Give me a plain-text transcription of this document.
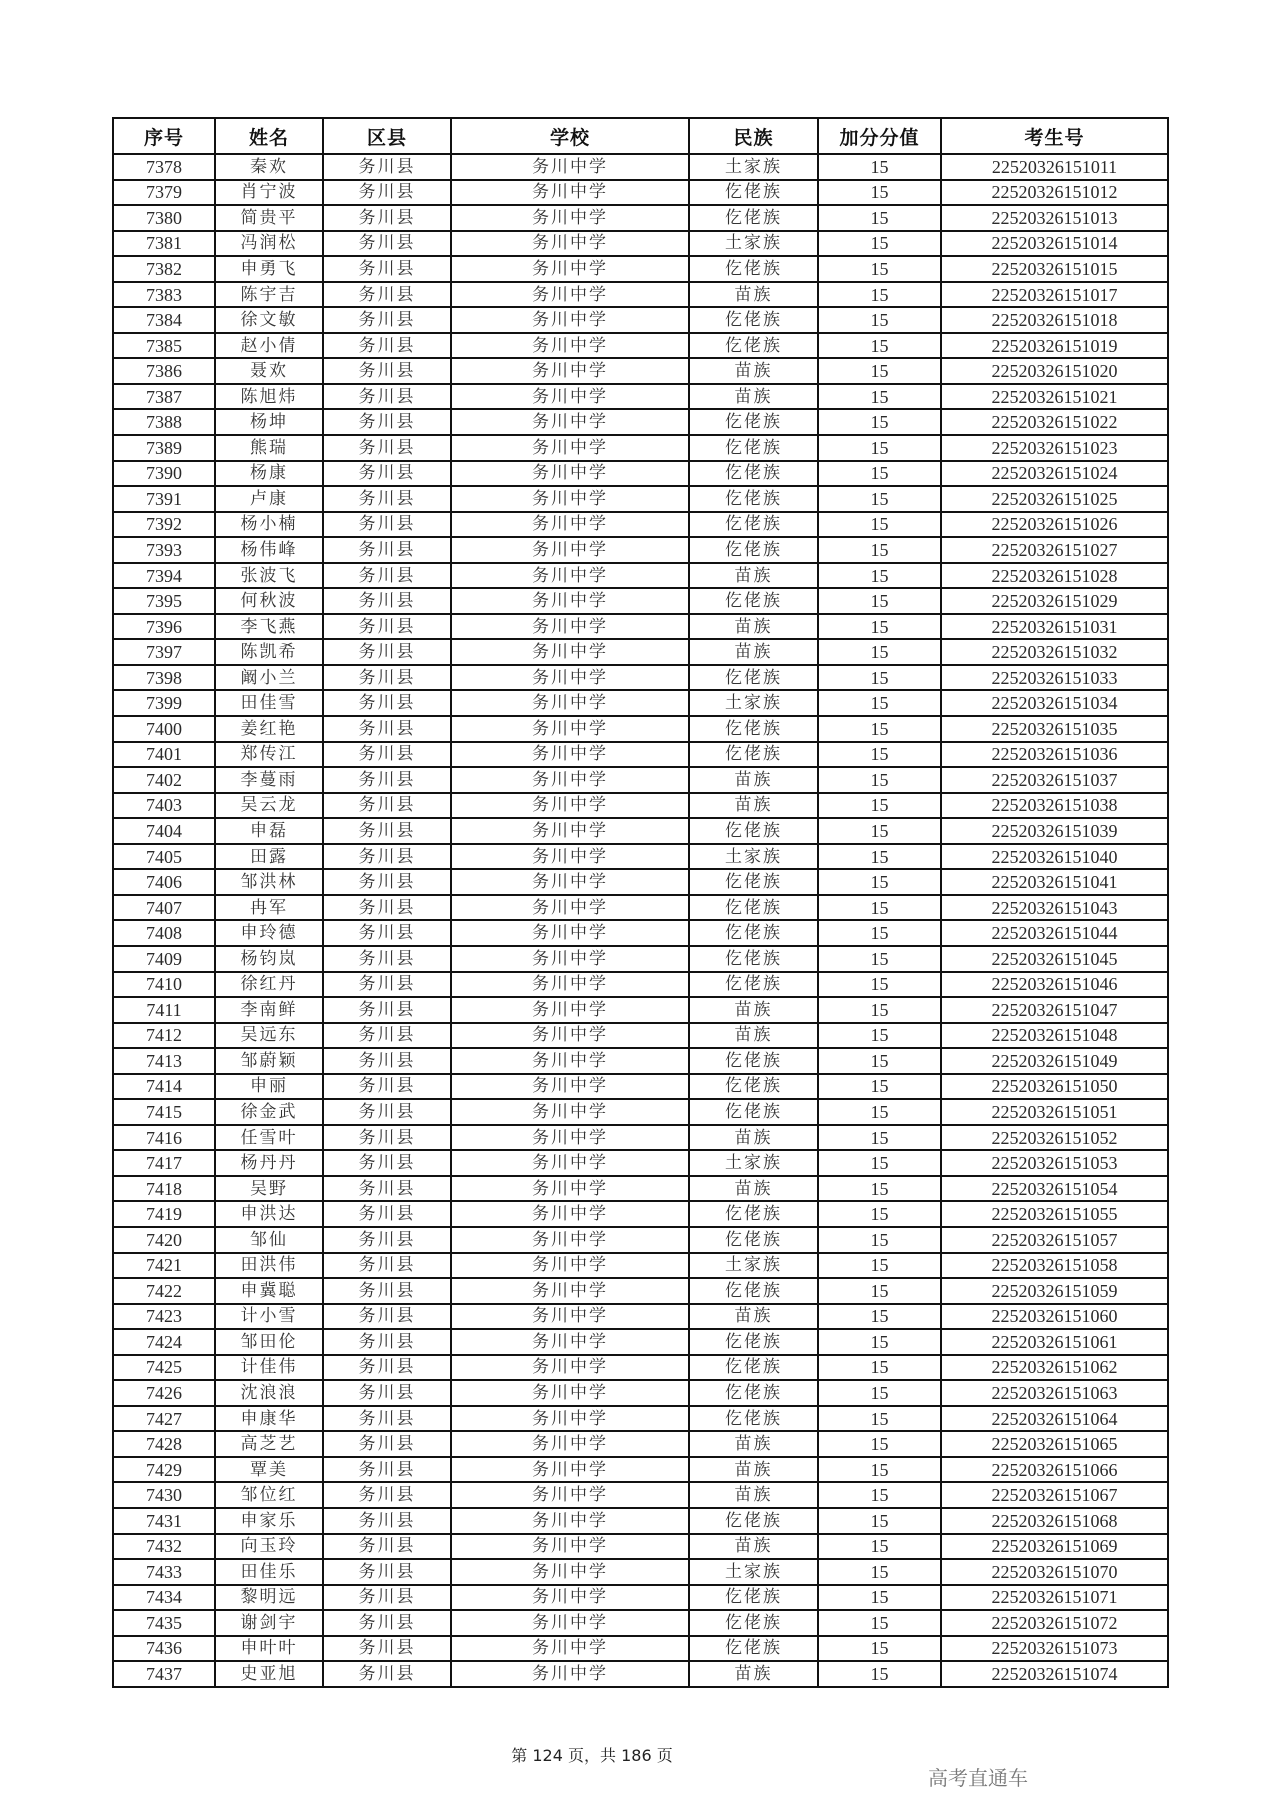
序号	姓名	区县	学校	民族	加分分值	考生号
7378	秦欢	务川县	务川中学	土家族	15	22520326151011
7379	肖宁波	务川县	务川中学	仡佬族	15	22520326151012
7380	简贵平	务川县	务川中学	仡佬族	15	22520326151013
7381	冯润松	务川县	务川中学	土家族	15	22520326151014
7382	申勇飞	务川县	务川中学	仡佬族	15	22520326151015
7383	陈宇吉	务川县	务川中学	苗族	15	22520326151017
7384	徐文敏	务川县	务川中学	仡佬族	15	22520326151018
7385	赵小倩	务川县	务川中学	仡佬族	15	22520326151019
7386	聂欢	务川县	务川中学	苗族	15	22520326151020
7387	陈旭炜	务川县	务川中学	苗族	15	22520326151021
7388	杨坤	务川县	务川中学	仡佬族	15	22520326151022
7389	熊瑞	务川县	务川中学	仡佬族	15	22520326151023
7390	杨康	务川县	务川中学	仡佬族	15	22520326151024
7391	卢康	务川县	务川中学	仡佬族	15	22520326151025
7392	杨小楠	务川县	务川中学	仡佬族	15	22520326151026
7393	杨伟峰	务川县	务川中学	仡佬族	15	22520326151027
7394	张波飞	务川县	务川中学	苗族	15	22520326151028
7395	何秋波	务川县	务川中学	仡佬族	15	22520326151029
7396	李飞燕	务川县	务川中学	苗族	15	22520326151031
7397	陈凯希	务川县	务川中学	苗族	15	22520326151032
7398	阚小兰	务川县	务川中学	仡佬族	15	22520326151033
7399	田佳雪	务川县	务川中学	土家族	15	22520326151034
7400	姜红艳	务川县	务川中学	仡佬族	15	22520326151035
7401	郑传江	务川县	务川中学	仡佬族	15	22520326151036
7402	李蔓雨	务川县	务川中学	苗族	15	22520326151037
7403	吴云龙	务川县	务川中学	苗族	15	22520326151038
7404	申磊	务川县	务川中学	仡佬族	15	22520326151039
7405	田露	务川县	务川中学	土家族	15	22520326151040
7406	邹洪林	务川县	务川中学	仡佬族	15	22520326151041
7407	冉军	务川县	务川中学	仡佬族	15	22520326151043
7408	申玲德	务川县	务川中学	仡佬族	15	22520326151044
7409	杨钧岚	务川县	务川中学	仡佬族	15	22520326151045
7410	徐红丹	务川县	务川中学	仡佬族	15	22520326151046
7411	李南鲜	务川县	务川中学	苗族	15	22520326151047
7412	吴远东	务川县	务川中学	苗族	15	22520326151048
7413	邹蔚颖	务川县	务川中学	仡佬族	15	22520326151049
7414	申丽	务川县	务川中学	仡佬族	15	22520326151050
7415	徐金武	务川县	务川中学	仡佬族	15	22520326151051
7416	任雪叶	务川县	务川中学	苗族	15	22520326151052
7417	杨丹丹	务川县	务川中学	土家族	15	22520326151053
7418	吴野	务川县	务川中学	苗族	15	22520326151054
7419	申洪达	务川县	务川中学	仡佬族	15	22520326151055
7420	邹仙	务川县	务川中学	仡佬族	15	22520326151057
7421	田洪伟	务川县	务川中学	土家族	15	22520326151058
7422	申冀聪	务川县	务川中学	仡佬族	15	22520326151059
7423	计小雪	务川县	务川中学	苗族	15	22520326151060
7424	邹田伦	务川县	务川中学	仡佬族	15	22520326151061
7425	计佳伟	务川县	务川中学	仡佬族	15	22520326151062
7426	沈浪浪	务川县	务川中学	仡佬族	15	22520326151063
7427	申康华	务川县	务川中学	仡佬族	15	22520326151064
7428	高芝艺	务川县	务川中学	苗族	15	22520326151065
7429	覃美	务川县	务川中学	苗族	15	22520326151066
7430	邹位红	务川县	务川中学	苗族	15	22520326151067
7431	申家乐	务川县	务川中学	仡佬族	15	22520326151068
7432	向玉玲	务川县	务川中学	苗族	15	22520326151069
7433	田佳乐	务川县	务川中学	土家族	15	22520326151070
7434	黎明远	务川县	务川中学	仡佬族	15	22520326151071
7435	谢剑宇	务川县	务川中学	仡佬族	15	22520326151072
7436	申叶叶	务川县	务川中学	仡佬族	15	22520326151073
7437	史亚旭	务川县	务川中学	苗族	15	22520326151074
第 124 页，共 186 页
高考直通车
